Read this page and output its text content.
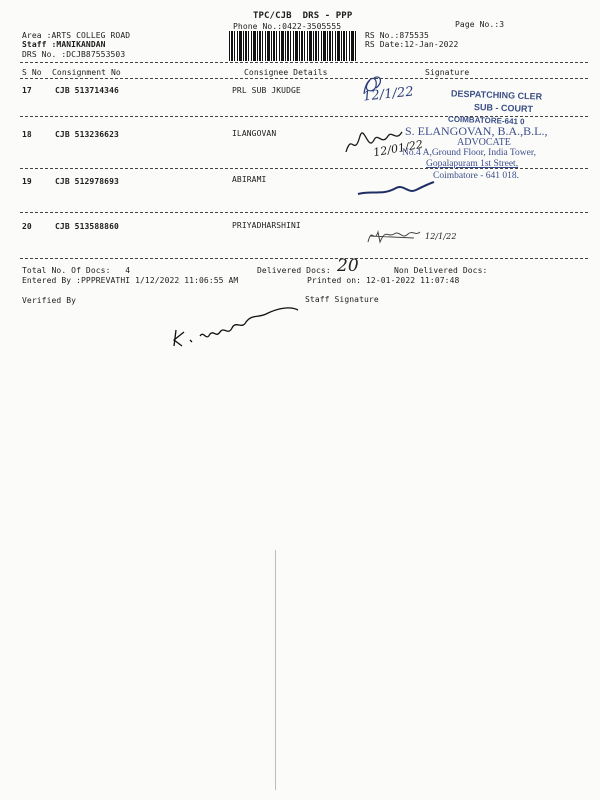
TPC/CJB  DRS - PPP
Phone No.:0422-3505555	Page No.:3
Area :ARTS COLLEG ROAD
Staff :MANIKANDAN
DRS No. :DCJB87553503
RS No.:875535
RS Date:12-Jan-2022
S No Consignment No	Consignee Details	Signature
17	CJB 513714346	PRL SUB JKUDGE
18	CJB 513236623	ILANGOVAN
19	CJB 512978693	ABIRAMI
20	CJB 513588860	PRIYADHARSHINI
Total No. Of Docs:   4	Delivered Docs: 20	Non Delivered Docs:
Entered By :PPPREVATHI 1/12/2022 11:06:55 AM	Printed on: 12-01-2022 11:07:48
Verified By	Staff Signature
DESPATCHING CLER
SUB - COURT
COIMBATORE-641 0
S. ELANGOVAN, B.A.,B.L.,
ADVOCATE
No.4 A,Ground Floor, India Tower,
Gopalapuram 1st Street,
Coimbatore - 641 018.
12/1/22
12/01/22
12/1/22
